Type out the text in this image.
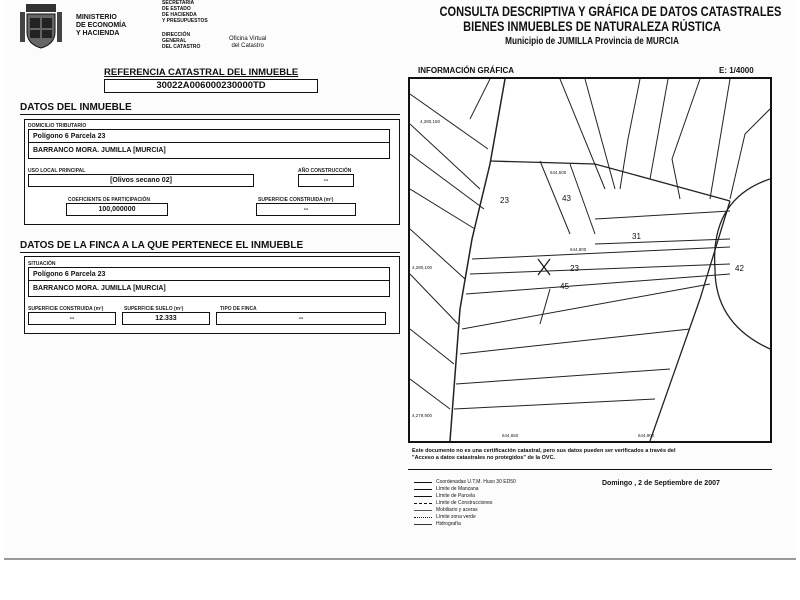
MINISTERIO
DE ECONOMÍA
Y HACIENDA
SECRETARÍA
DE ESTADO
DE HACIENDA
Y PRESUPUESTOS
DIRECCIÓN
GENERAL
DEL CATASTRO
Oficina Virtual
del Catastro
CONSULTA DESCRIPTIVA Y GRÁFICA DE DATOS CATASTRALES
BIENES INMUEBLES DE NATURALEZA RÚSTICA
Municipio de JUMILLA Provincia de MURCIA
REFERENCIA CATASTRAL DEL INMUEBLE
30022A006000230000TD
DATOS DEL INMUEBLE
DOMICILIO TRIBUTARIO
Polígono 6 Parcela 23
BARRANCO MORA. JUMILLA [MURCIA]
USO LOCAL PRINCIPAL
[Olivos secano 02]
AÑO CONSTRUCCIÓN
--
COEFICIENTE DE PARTICIPACIÓN
100,000000
SUPERFICIE CONSTRUIDA (m²)
--
DATOS DE LA FINCA A LA QUE PERTENECE EL INMUEBLE
SITUACIÓN
Polígono 6 Parcela 23
BARRANCO MORA. JUMILLA [MURCIA]
SUPERFICIE CONSTRUIDA (m²)
--
SUPERFICIE SUELO (m²)
12.333
TIPO DE FINCA
--
INFORMACIÓN GRÁFICA	E: 1/4000
23	43
31
23	42
45
4,280,150
4,280,100
644,500
644,800
4,279,900
644,900
644,650
Este documento no es una certificación catastral, pero sus datos pueden ser verificados a través del
"Acceso a datos catastrales no protegidos" de la OVC.
Coordenadas U.T.M. Huso 30 ED50
Límite de Manzana
Límite de Parcela
Límite de Construcciones
Mobiliario y aceras
Límite zona verde
Hidrografía
Domingo , 2 de Septiembre de 2007
